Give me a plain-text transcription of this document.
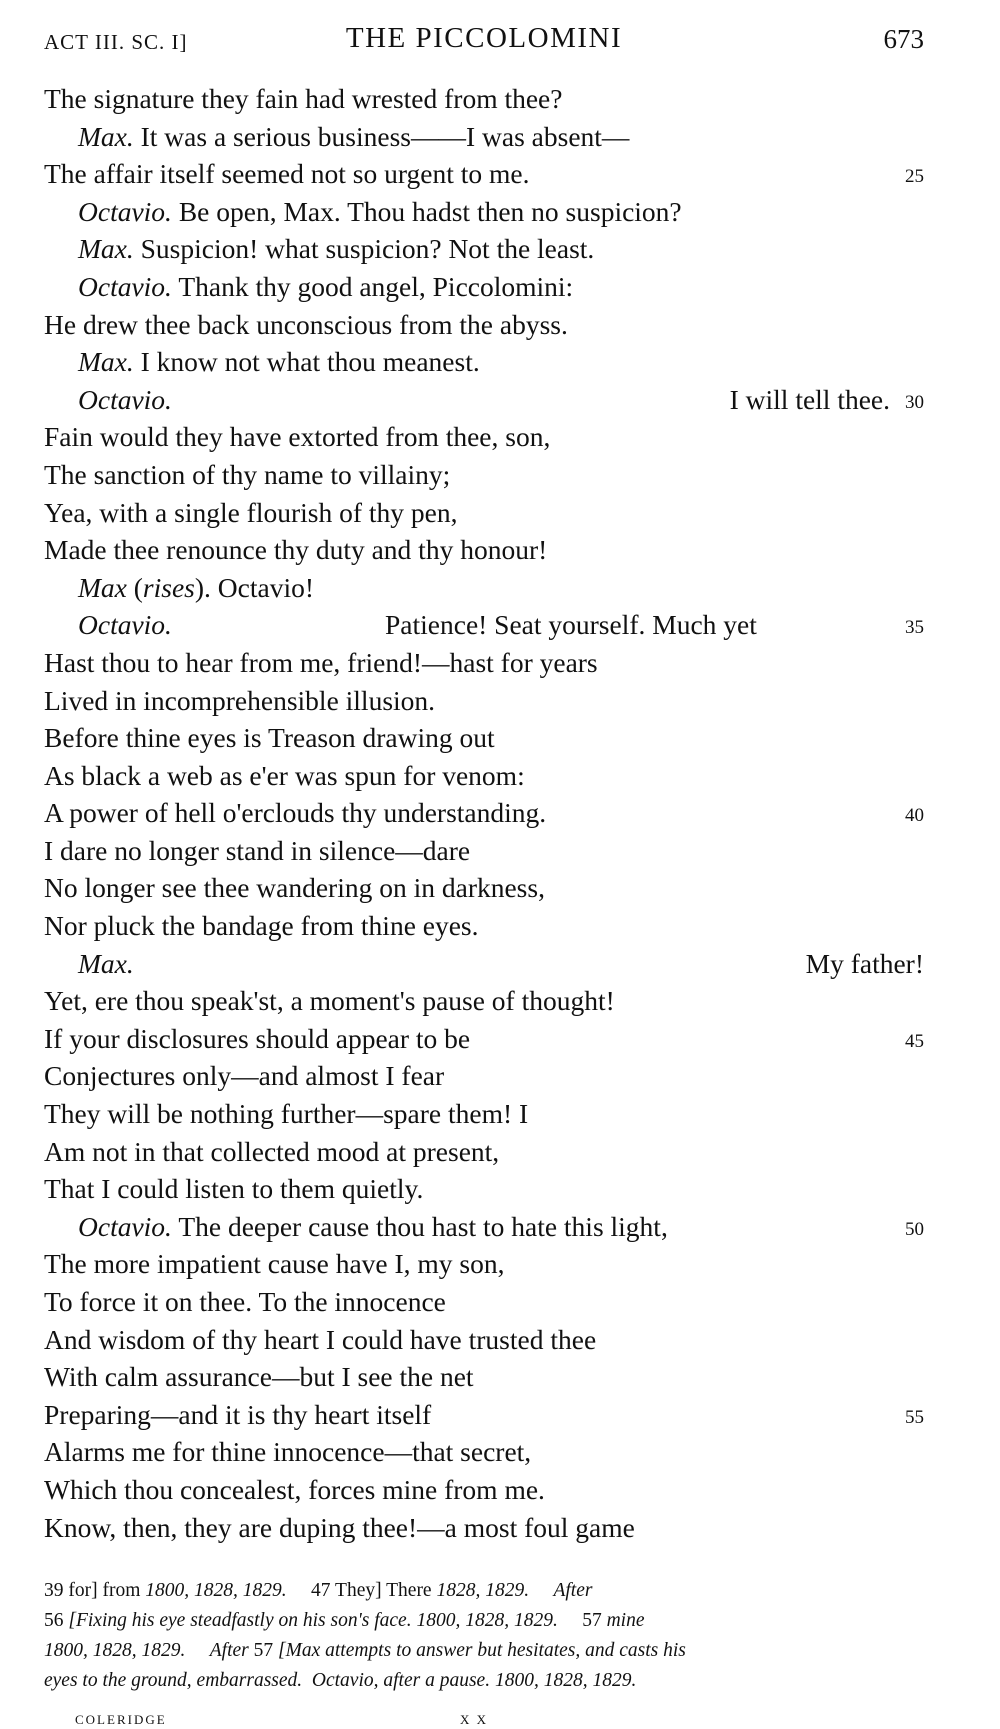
ACT III. SC. I]	THE PICCOLOMINI	673
The signature they fain had wrested from thee?
Max. It was a serious business——I was absent—
The affair itself seemed not so urgent to me.	25
Octavio. Be open, Max. Thou hadst then no suspicion?
Max. Suspicion! what suspicion? Not the least.
Octavio. Thank thy good angel, Piccolomini:
He drew thee back unconscious from the abyss.
Max. I know not what thou meanest.
Octavio.	I will tell thee. 30
Fain would they have extorted from thee, son,
The sanction of thy name to villainy;
Yea, with a single flourish of thy pen,
Made thee renounce thy duty and thy honour!
Max (rises). Octavio!
Octavio.	Patience! Seat yourself. Much yet	35
Hast thou to hear from me, friend!—hast for years
Lived in incomprehensible illusion.
Before thine eyes is Treason drawing out
As black a web as e'er was spun for venom:
A power of hell o'erclouds thy understanding.	40
I dare no longer stand in silence—dare
No longer see thee wandering on in darkness,
Nor pluck the bandage from thine eyes.
Max.	My father!
Yet, ere thou speak'st, a moment's pause of thought!
If your disclosures should appear to be	45
Conjectures only—and almost I fear
They will be nothing further—spare them! I
Am not in that collected mood at present,
That I could listen to them quietly.
Octavio. The deeper cause thou hast to hate this light,	50
The more impatient cause have I, my son,
To force it on thee. To the innocence
And wisdom of thy heart I could have trusted thee
With calm assurance—but I see the net
Preparing—and it is thy heart itself	55
Alarms me for thine innocence—that secret,
Which thou concealest, forces mine from me.
Know, then, they are duping thee!—a most foul game
39 for] from 1800, 1828, 1829.     47 They] There 1828, 1829. After
56 [Fixing his eye steadfastly on his son's face. 1800, 1828, 1829.     57 mine
1800, 1828, 1829. After 57 [Max attempts to answer but hesitates, and casts his
eyes to the ground, embarrassed.  Octavio, after a pause. 1800, 1828, 1829.
COLERIDGE	X X
